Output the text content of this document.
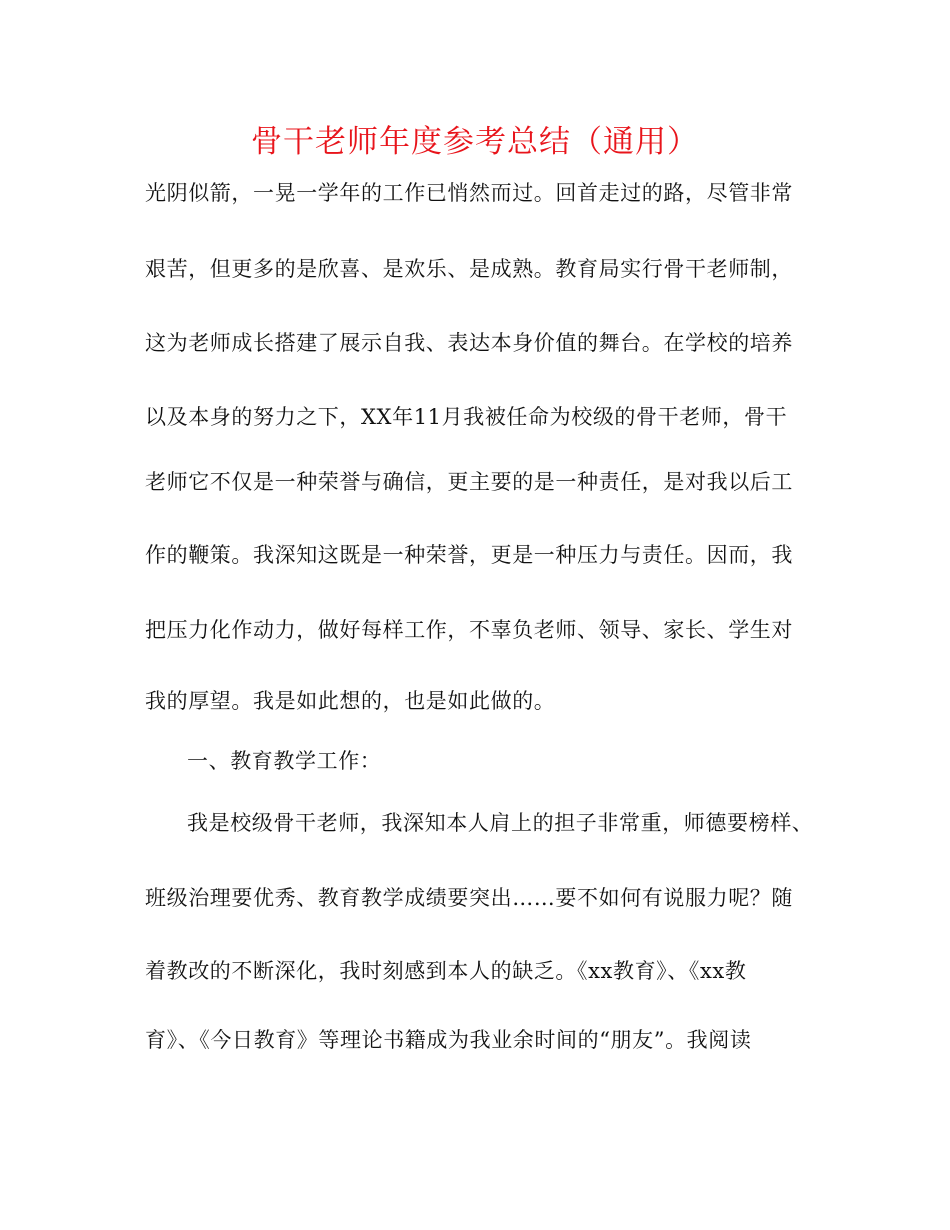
骨干老师年度参考总结（通用）
光阴似箭，一晃一学年的工作已悄然而过。回首走过的路，尽管非常
艰苦，但更多的是欣喜、是欢乐、是成熟。教育局实行骨干老师制，
这为老师成长搭建了展示自我、表达本身价值的舞台。在学校的培养
以及本身的努力之下，XX年11月我被任命为校级的骨干老师，骨干
老师它不仅是一种荣誉与确信，更主要的是一种责任，是对我以后工
作的鞭策。我深知这既是一种荣誉，更是一种压力与责任。因而，我
把压力化作动力，做好每样工作，不辜负老师、领导、家长、学生对
我的厚望。我是如此想的，也是如此做的。
一、教育教学工作：
我是校级骨干老师，我深知本人肩上的担子非常重，师德要榜样、
班级治理要优秀、教育教学成绩要突出……要不如何有说服力呢？随
着教改的不断深化，我时刻感到本人的缺乏。《xx教育》、《xx教
育》、《今日教育》等理论书籍成为我业余时间的“朋友”。我阅读
